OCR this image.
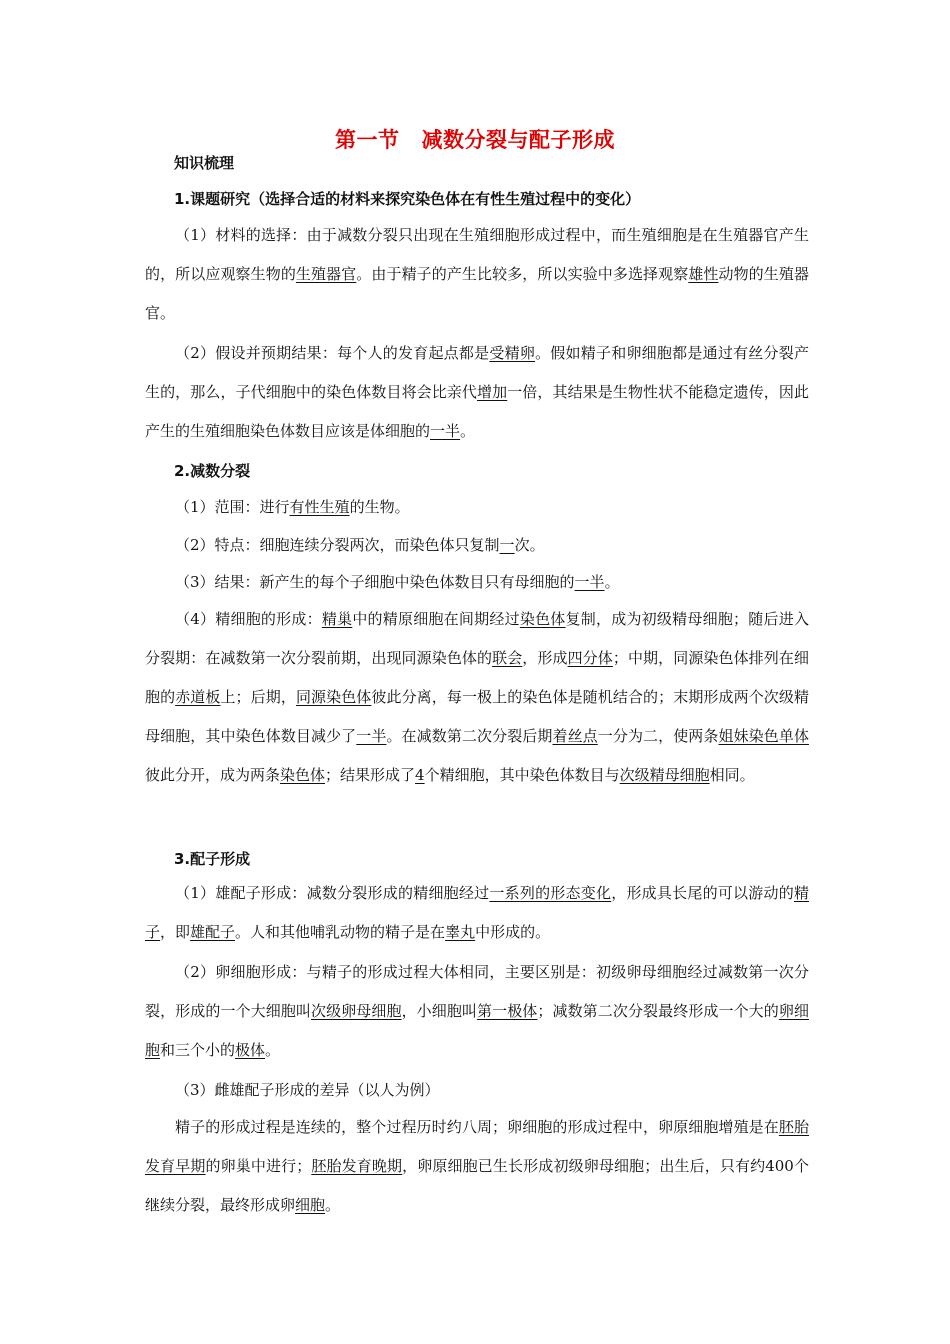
第一节 减数分裂与配子形成
知识梳理
1.课题研究（选择合适的材料来探究染色体在有性生殖过程中的变化）
（1）材料的选择：由于减数分裂只出现在生殖细胞形成过程中，而生殖细胞是在生殖器官产生的，所以应观察生物的生殖器官。由于精子的产生比较多，所以实验中多选择观察雄性动物的生殖器官。
（2）假设并预期结果：每个人的发育起点都是受精卵。假如精子和卵细胞都是通过有丝分裂产生的，那么，子代细胞中的染色体数目将会比亲代增加一倍，其结果是生物性状不能稳定遗传，因此产生的生殖细胞染色体数目应该是体细胞的一半。
2.减数分裂
（1）范围：进行有性生殖的生物。
（2）特点：细胞连续分裂两次，而染色体只复制一次。
（3）结果：新产生的每个子细胞中染色体数目只有母细胞的一半。
（4）精细胞的形成：精巢中的精原细胞在间期经过染色体复制，成为初级精母细胞；随后进入分裂期：在减数第一次分裂前期，出现同源染色体的联会，形成四分体；中期，同源染色体排列在细胞的赤道板上；后期，同源染色体彼此分离，每一极上的染色体是随机结合的；末期形成两个次级精母细胞，其中染色体数目减少了一半。在减数第二次分裂后期着丝点一分为二，使两条姐妹染色单体彼此分开，成为两条染色体；结果形成了4个精细胞，其中染色体数目与次级精母细胞相同。
3.配子形成
（1）雄配子形成：减数分裂形成的精细胞经过一系列的形态变化，形成具长尾的可以游动的精子，即雄配子。人和其他哺乳动物的精子是在睾丸中形成的。
（2）卵细胞形成：与精子的形成过程大体相同，主要区别是：初级卵母细胞经过减数第一次分裂，形成的一个大细胞叫次级卵母细胞，小细胞叫第一极体；减数第二次分裂最终形成一个大的卵细胞和三个小的极体。
（3）雌雄配子形成的差异（以人为例）
精子的形成过程是连续的，整个过程历时约八周；卵细胞的形成过程中，卵原细胞增殖是在胚胎发育早期的卵巢中进行；胚胎发育晚期，卵原细胞已生长形成初级卵母细胞；出生后，只有约400个继续分裂，最终形成卵细胞。
